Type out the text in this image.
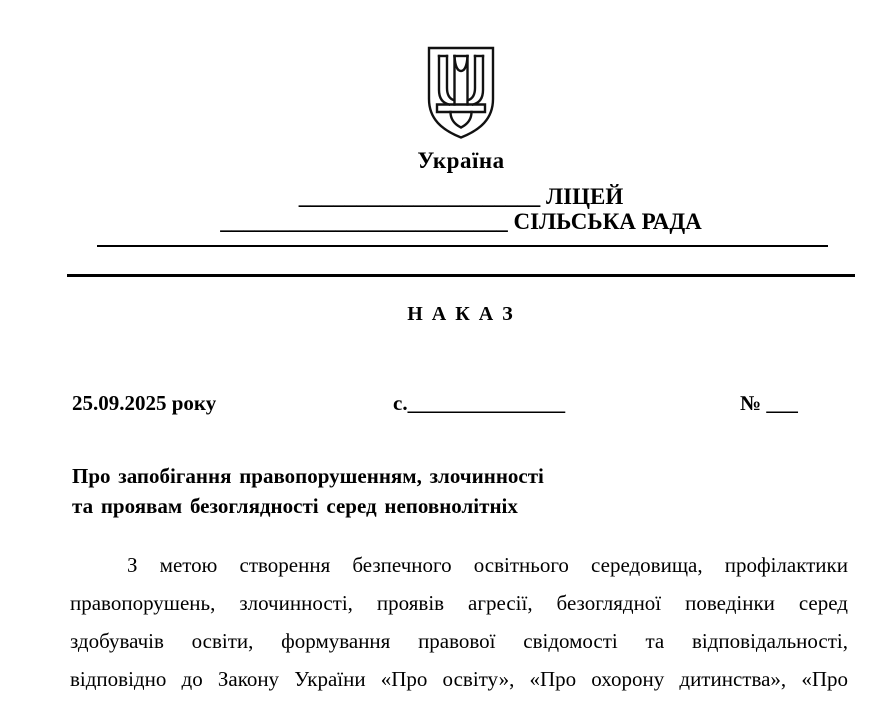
Україна
_____________________ ЛІЦЕЙ
_________________________ СІЛЬСЬКА РАДА
Н А К А З
25.09.2025 року	с._______________	№ ___
Про запобігання правопорушенням, злочинності
та проявам безоглядності серед неповнолітніх
З метою створення безпечного освітнього середовища, профілактики
правопорушень, злочинності, проявів агресії, безоглядної поведінки серед
здобувачів освіти, формування правової свідомості та відповідальності,
відповідно до Закону України «Про освіту», «Про охорону дитинства», «Про
